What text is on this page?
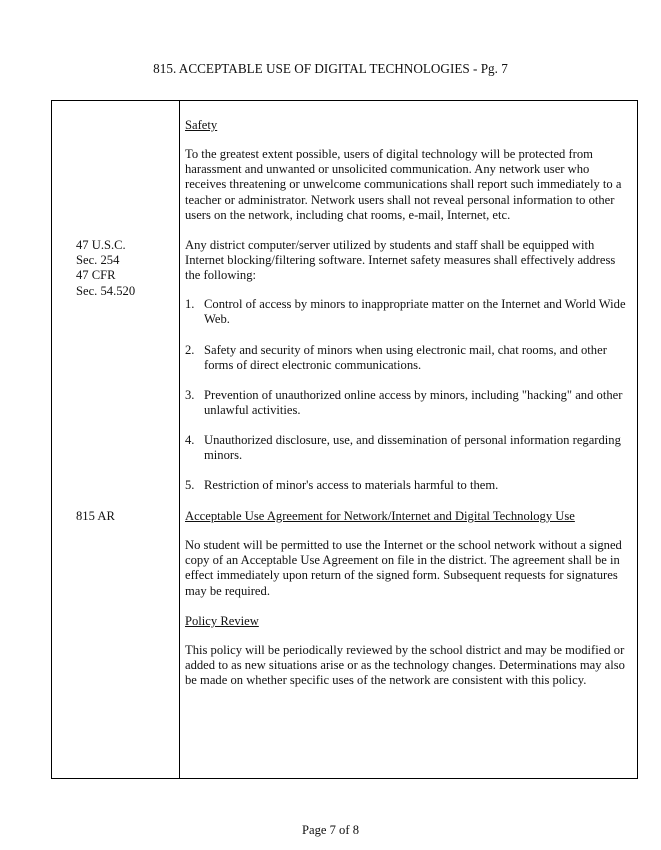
815. ACCEPTABLE USE OF DIGITAL TECHNOLOGIES - Pg. 7
47 U.S.C.
Sec. 254
47 CFR
Sec. 54.520
815 AR
Safety
To the greatest extent possible, users of digital technology will be protected from harassment and unwanted or unsolicited communication. Any network user who receives threatening or unwelcome communications shall report such immediately to a teacher or administrator. Network users shall not reveal personal information to other users on the network, including chat rooms, e-mail, Internet, etc.
Any district computer/server utilized by students and staff shall be equipped with Internet blocking/filtering software. Internet safety measures shall effectively address the following:
1. Control of access by minors to inappropriate matter on the Internet and World Wide Web.
2. Safety and security of minors when using electronic mail, chat rooms, and other forms of direct electronic communications.
3. Prevention of unauthorized online access by minors, including "hacking" and other unlawful activities.
4. Unauthorized disclosure, use, and dissemination of personal information regarding minors.
5. Restriction of minor's access to materials harmful to them.
Acceptable Use Agreement for Network/Internet and Digital Technology Use
No student will be permitted to use the Internet or the school network without a signed copy of an Acceptable Use Agreement on file in the district. The agreement shall be in effect immediately upon return of the signed form. Subsequent requests for signatures may be required.
Policy Review
This policy will be periodically reviewed by the school district and may be modified or added to as new situations arise or as the technology changes. Determinations may also be made on whether specific uses of the network are consistent with this policy.
Page 7 of 8
